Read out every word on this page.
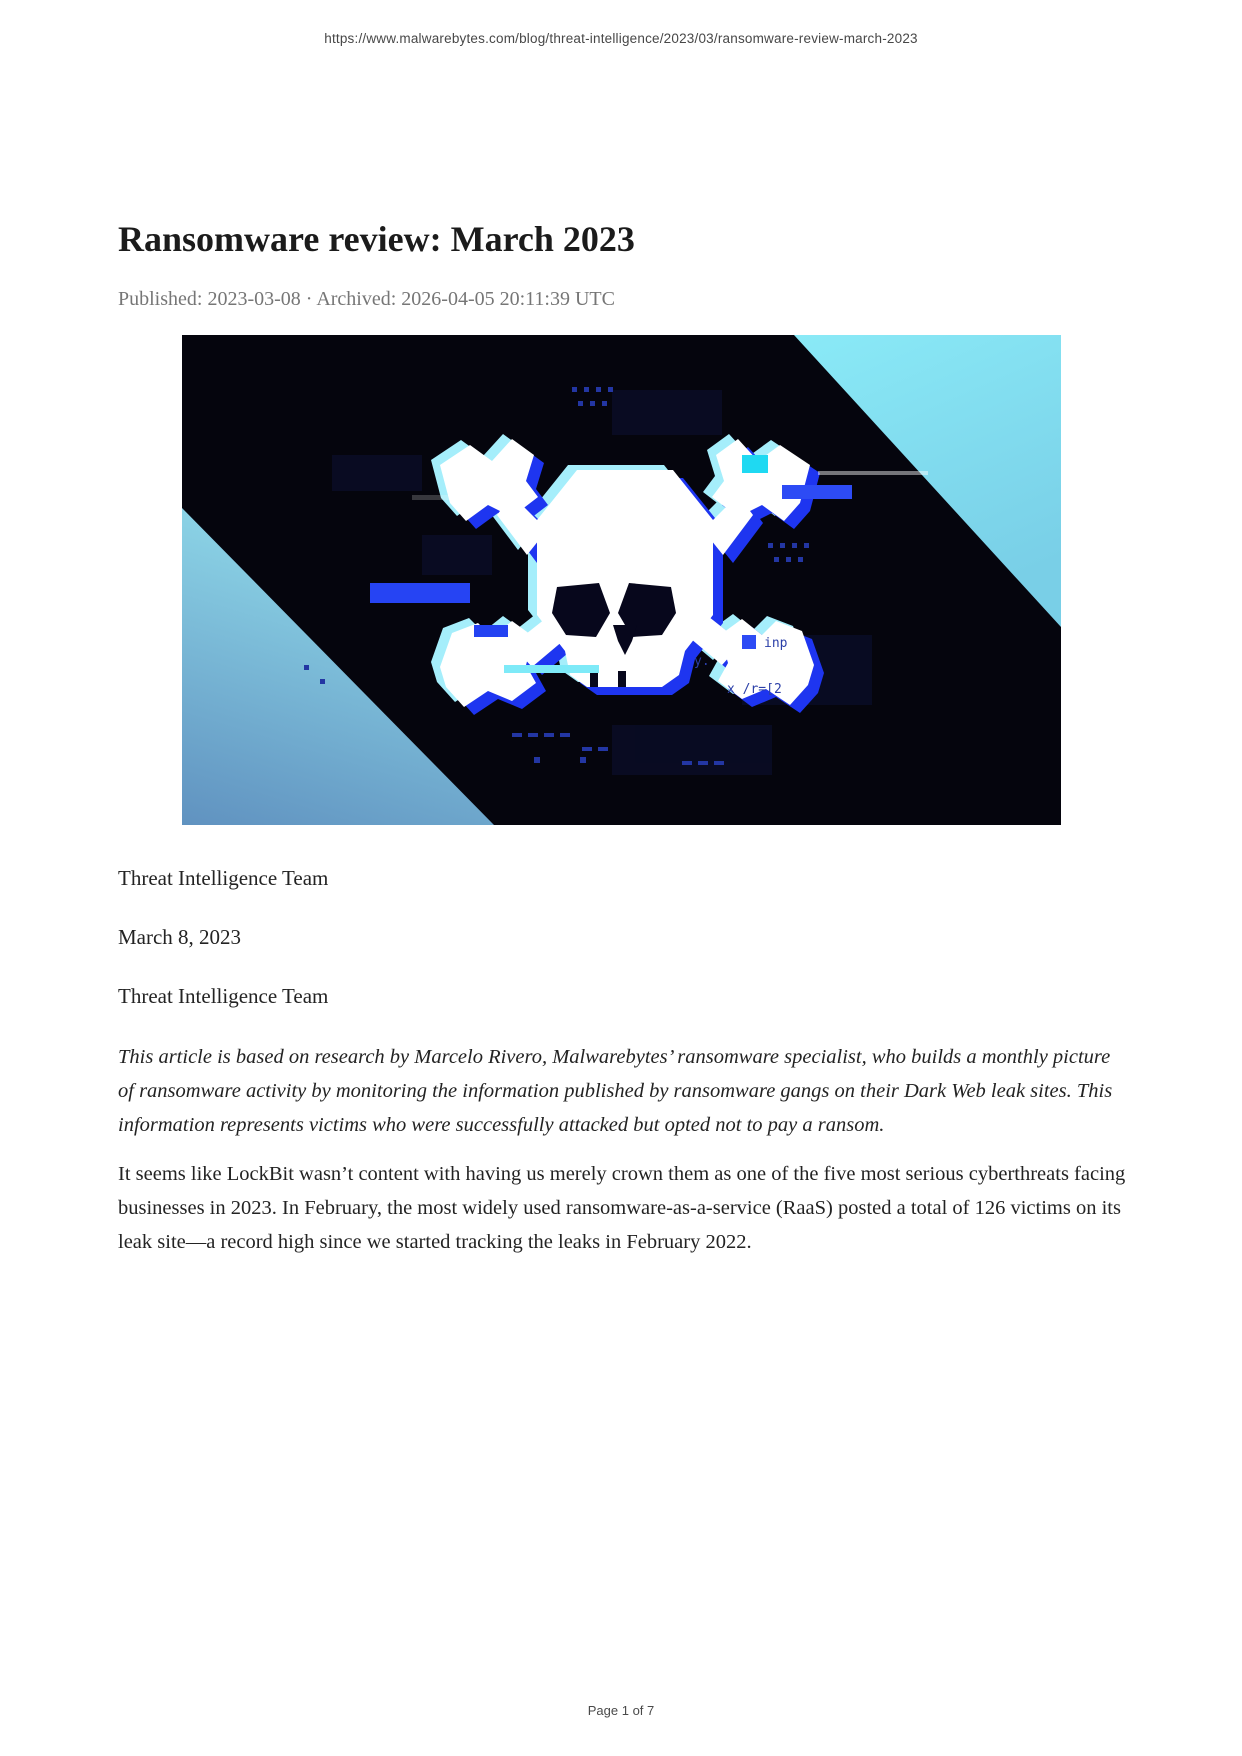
https://www.malwarebytes.com/blog/threat-intelligence/2023/03/ransomware-review-march-2023
Ransomware review: March 2023
Published: 2023-03-08 · Archived: 2026-04-05 20:11:39 UTC
x /r=[2
inp
y.
Threat Intelligence Team
March 8, 2023
Threat Intelligence Team

This article is based on research by Marcelo Rivero, Malwarebytes’ ransomware specialist, who builds a monthly picture of ransomware activity by monitoring the information published by ransomware gangs on their Dark Web leak sites. This information represents victims who were successfully attacked but opted not to pay a ransom.

It seems like LockBit wasn’t content with having us merely crown them as one of the five most serious cyberthreats facing businesses in 2023. In February, the most widely used ransomware-as-a-service (RaaS) posted a total of 126 victims on its leak site—a record high since we started tracking the leaks in February 2022.

Page 1 of 7
